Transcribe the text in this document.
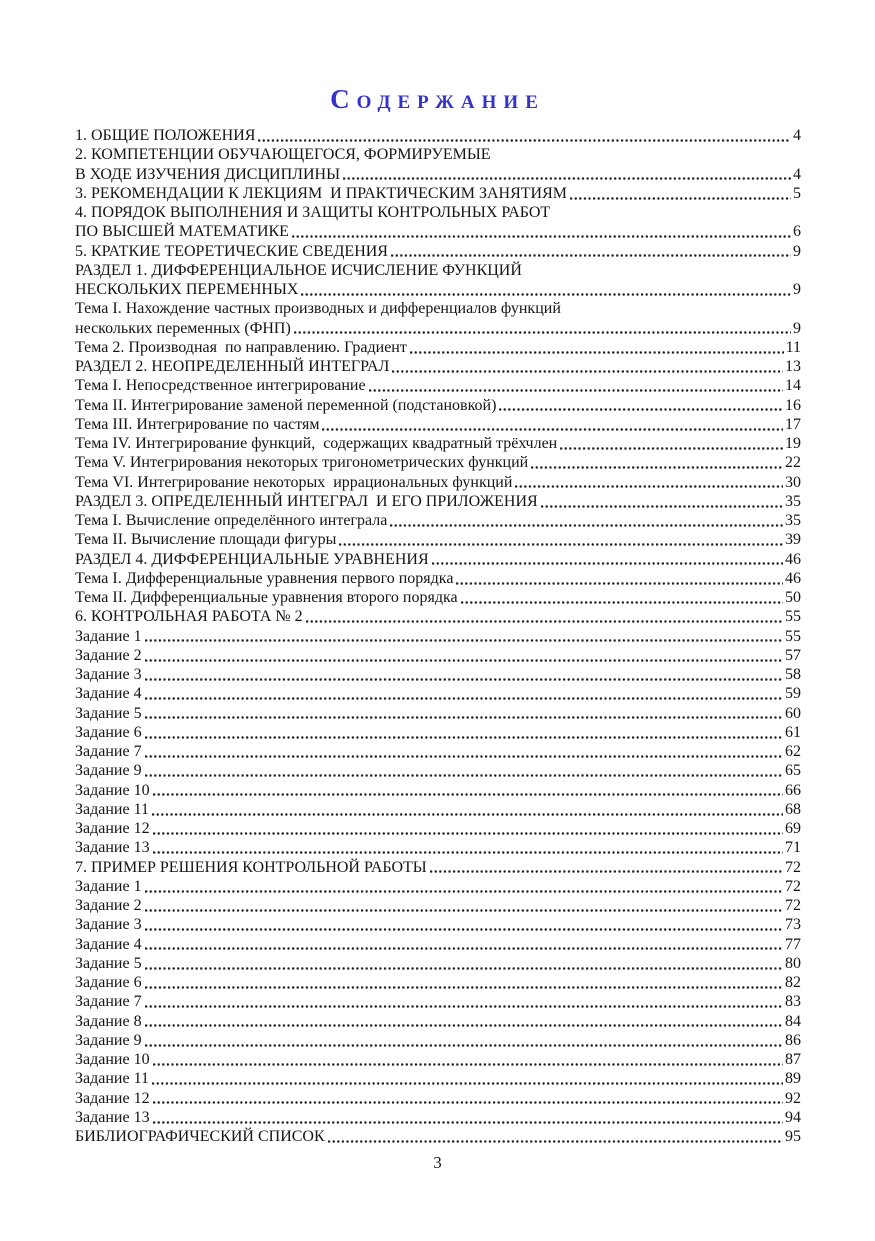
Содержание
1. ОБЩИЕ ПОЛОЖЕНИЯ	4
2. КОМПЕТЕНЦИИ ОБУЧАЮЩЕГОСЯ, ФОРМИРУЕМЫЕ
В ХОДЕ ИЗУЧЕНИЯ ДИСЦИПЛИНЫ	4
3. РЕКОМЕНДАЦИИ К ЛЕКЦИЯМ  И ПРАКТИЧЕСКИМ ЗАНЯТИЯМ	5
4. ПОРЯДОК ВЫПОЛНЕНИЯ И ЗАЩИТЫ КОНТРОЛЬНЫХ РАБОТ
ПО ВЫСШЕЙ МАТЕМАТИКЕ	6
5. КРАТКИЕ ТЕОРЕТИЧЕСКИЕ СВЕДЕНИЯ	9
РАЗДЕЛ 1. ДИФФЕРЕНЦИАЛЬНОЕ ИСЧИСЛЕНИЕ ФУНКЦИЙ
НЕСКОЛЬКИХ ПЕРЕМЕННЫХ	9
Тема I. Нахождение частных производных и дифференциалов функций
нескольких переменных (ФНП)	9
Тема 2. Производная  по направлению. Градиент	11
РАЗДЕЛ 2. НЕОПРЕДЕЛЕННЫЙ ИНТЕГРАЛ	13
Тема I. Непосредственное интегрирование	14
Тема II. Интегрирование заменой переменной (подстановкой)	16
Тема III. Интегрирование по частям	17
Тема IV. Интегрирование функций,  содержащих квадратный трёхчлен	19
Тема V. Интегрирования некоторых тригонометрических функций	22
Тема VI. Интегрирование некоторых  иррациональных функций	30
РАЗДЕЛ 3. ОПРЕДЕЛЕННЫЙ ИНТЕГРАЛ  И ЕГО ПРИЛОЖЕНИЯ	35
Тема I. Вычисление определённого интеграла	35
Тема II. Вычисление площади фигуры	39
РАЗДЕЛ 4. ДИФФЕРЕНЦИАЛЬНЫЕ УРАВНЕНИЯ	46
Тема I. Дифференциальные уравнения первого порядка	46
Тема II. Дифференциальные уравнения второго порядка	50
6. КОНТРОЛЬНАЯ РАБОТА № 2	55
Задание 1	55
Задание 2	57
Задание 3	58
Задание 4	59
Задание 5	60
Задание 6	61
Задание 7	62
Задание 9	65
Задание 10	66
Задание 11	68
Задание 12	69
Задание 13	71
7. ПРИМЕР РЕШЕНИЯ КОНТРОЛЬНОЙ РАБОТЫ	72
Задание 1	72
Задание 2	72
Задание 3	73
Задание 4	77
Задание 5	80
Задание 6	82
Задание 7	83
Задание 8	84
Задание 9	86
Задание 10	87
Задание 11	89
Задание 12	92
Задание 13	94
БИБЛИОГРАФИЧЕСКИЙ СПИСОК	95
3
